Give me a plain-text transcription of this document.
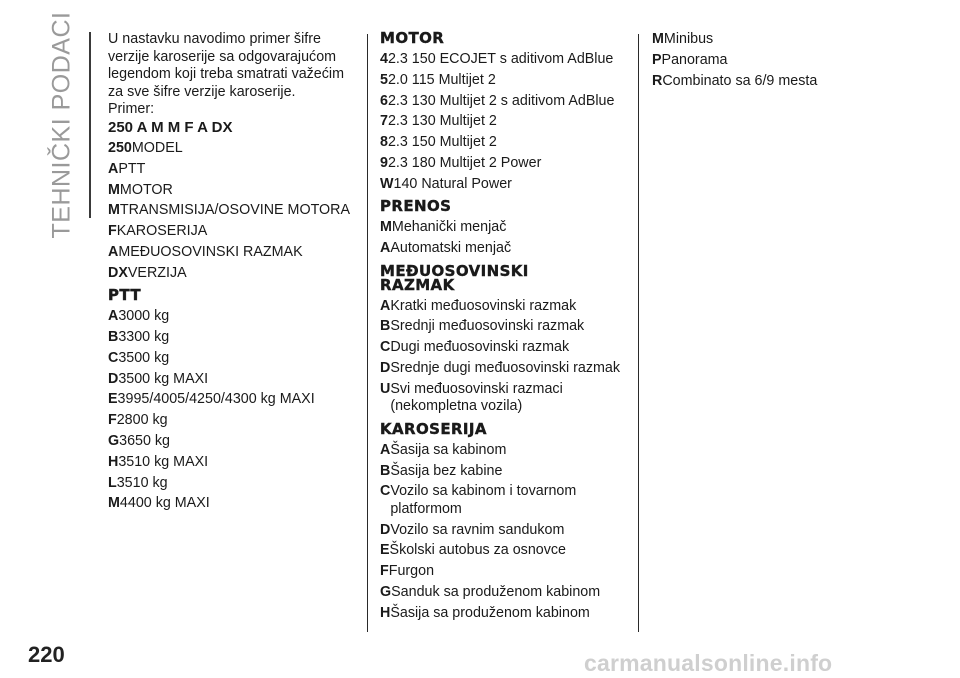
TEHNIČKI PODACI U nastavku navodimo primer šifre

verzije karoserije sa odgovarajućom

legendom koji treba smatrati važećim

za sve šifre verzije karoserije.

Primer:

250 A M M F A DX

250 MODEL
A PTT
M MOTOR
M TRANSMISIJA/OSOVINE MOTORA
F KAROSERIJA
A MEĐUOSOVINSKI RAZMAK
DX VERZIJA
PTT
A 3000 kg
B 3300 kg
C 3500 kg
D 3500 kg MAXI
E 3995/4005/4250/4300 kg MAXI
F 2800 kg
G 3650 kg
H 3510 kg MAXI
L 3510 kg
M 4400 kg MAXI
MOTOR
4 2.3 150 ECOJET s aditivom AdBlue
5 2.0 115 Multijet 2
6 2.3 130 Multijet 2 s aditivom AdBlue
7 2.3 130 Multijet 2
8 2.3 150 Multijet 2
9 2.3 180 Multijet 2 Power
W 140 Natural Power
PRENOS
M Mehanički menjač
A Automatski menjač
MEĐUOSOVINSKI
RAZMAK
A Kratki međuosovinski razmak
B Srednji međuosovinski razmak
C Dugi međuosovinski razmak
D Srednje dugi međuosovinski razmak
U Svi međuosovinski razmaci
(nekompletna vozila)
KAROSERIJA
A Šasija sa kabinom
B Šasija bez kabine
C Vozilo sa kabinom i tovarnom
platformom
D Vozilo sa ravnim sandukom
E Školski autobus za osnovce
F Furgon
G Sanduk sa produženom kabinom
H Šasija sa produženom kabinom
M Minibus
P Panorama
R Combinato sa 6/9 mesta
220	carmanualsonline.info
